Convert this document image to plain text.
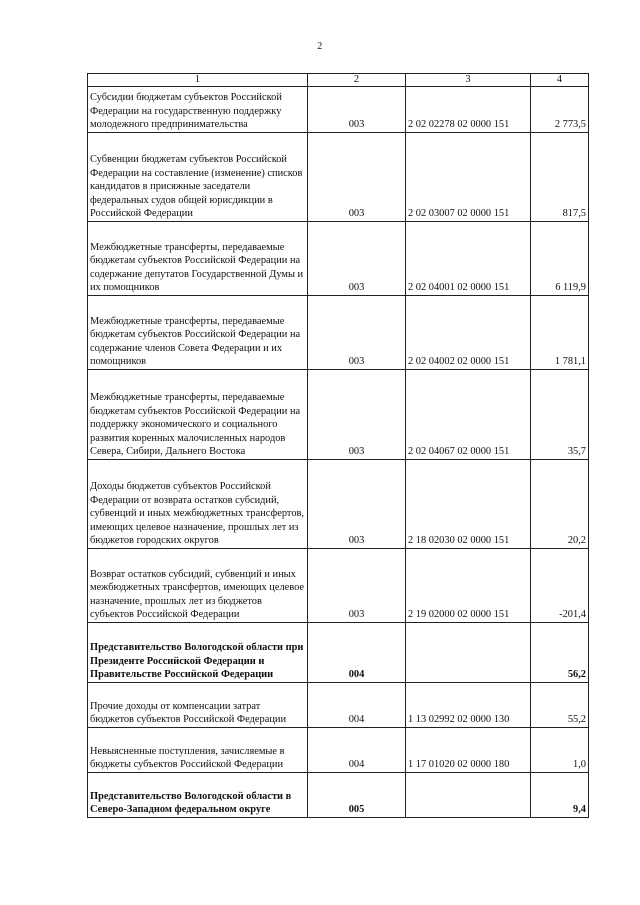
2
1	2	3	4
Субсидии бюджетам субъектов Российской Федерации на государственную поддержку молодежного предпринимательства	003	2 02 02278 02 0000 151	2 773,5
Субвенции бюджетам субъектов Российской Федерации на составление (изменение) списков кандидатов в присяжные заседатели федеральных судов общей юрисдикции в Российской Федерации	003	2 02 03007 02 0000 151	817,5
Межбюджетные трансферты, передаваемые бюджетам субъектов Российской Федерации на содержание депутатов Государственной Думы и их помощников	003	2 02 04001 02 0000 151	6 119,9
Межбюджетные трансферты, передаваемые бюджетам субъектов Российской Федерации на содержание членов Совета Федерации и их помощников	003	2 02 04002 02 0000 151	1 781,1
Межбюджетные трансферты, передаваемые бюджетам субъектов Российской Федерации на поддержку экономического и социального развития коренных малочисленных народов Севера, Сибири, Дальнего Востока	003	2 02 04067 02 0000 151	35,7
Доходы бюджетов субъектов Российской Федерации от возврата остатков субсидий, субвенций и иных межбюджетных трансфертов, имеющих целевое назначение, прошлых лет из бюджетов городских округов	003	2 18 02030 02 0000 151	20,2
Возврат остатков субсидий, субвенций и иных межбюджетных трансфертов, имеющих целевое назначение, прошлых лет из бюджетов субъектов Российской Федерации	003	2 19 02000 02 0000 151	-201,4
Представительство Вологодской области при Президенте Российской Федерации и Правительстве Российской Федерации	004		56,2
Прочие доходы от компенсации затрат бюджетов субъектов Российской Федерации	004	1 13 02992 02 0000 130	55,2
Невыясненные поступления, зачисляемые в бюджеты субъектов Российской Федерации	004	1 17 01020 02 0000 180	1,0
Представительство Вологодской области в Северо-Западном федеральном округе	005		9,4
